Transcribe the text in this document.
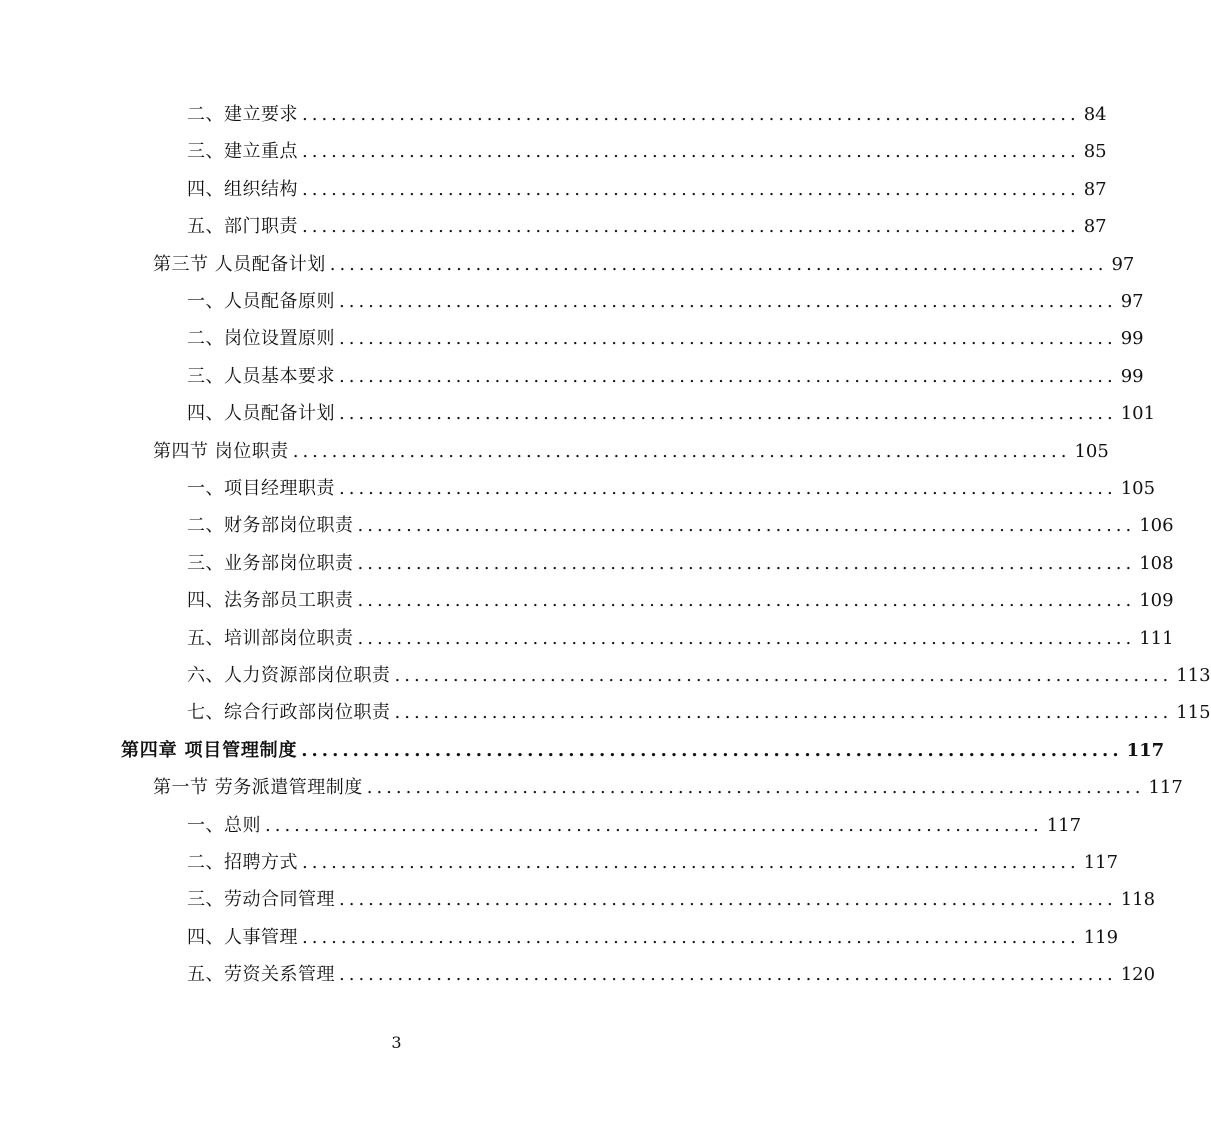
二、建立要求 ................................................................................ 84
三、建立重点 ................................................................................ 85
四、组织结构 ................................................................................ 87
五、部门职责 ................................................................................ 87
第三节 人员配备计划 ................................................................................ 97
一、人员配备原则 ................................................................................ 97
二、岗位设置原则 ................................................................................ 99
三、人员基本要求 ................................................................................ 99
四、人员配备计划 ................................................................................ 101
第四节 岗位职责 ................................................................................ 105
一、项目经理职责 ................................................................................ 105
二、财务部岗位职责 ................................................................................ 106
三、业务部岗位职责 ................................................................................ 108
四、法务部员工职责 ................................................................................ 109
五、培训部岗位职责 ................................................................................ 111
六、人力资源部岗位职责 ................................................................................ 113
七、综合行政部岗位职责 ................................................................................ 115
第四章 项目管理制度 ................................................................................ 117
第一节 劳务派遣管理制度 ................................................................................ 117
一、总则 ................................................................................ 117
二、招聘方式 ................................................................................ 117
三、劳动合同管理 ................................................................................ 118
四、人事管理 ................................................................................ 119
五、劳资关系管理 ................................................................................ 120
3
